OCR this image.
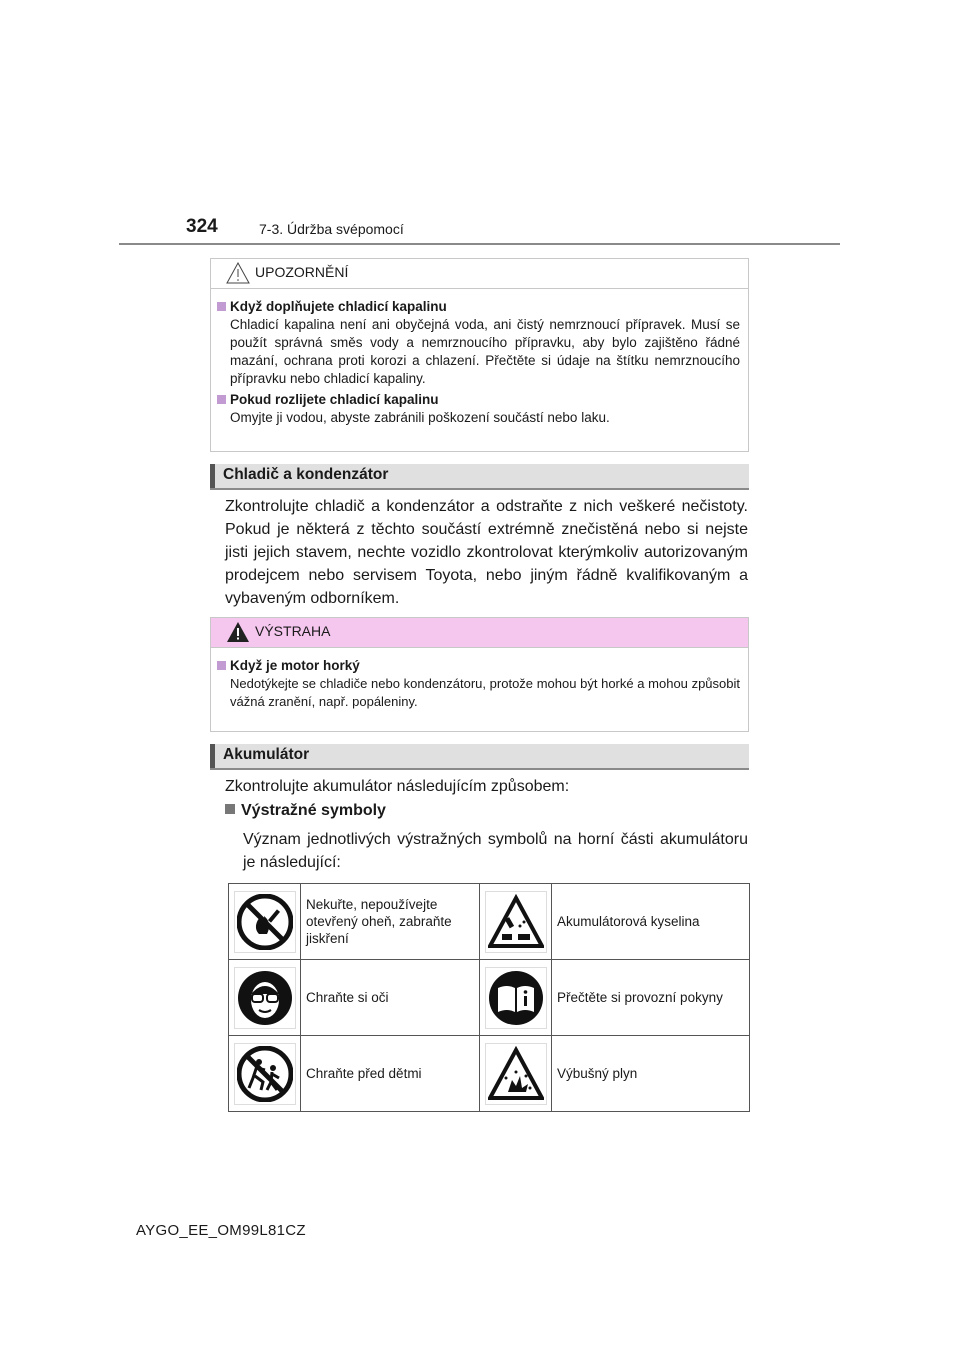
324	7-3. Údržba svépomocí
UPOZORNĚNÍ

Když doplňujete chladicí kapalinu

Chladicí kapalina není ani obyčejná voda, ani čistý nemrznoucí přípravek. Musí se použít správná směs vody a nemrznoucího přípravku, aby bylo zajištěno řádné mazání, ochrana proti korozi a chlazení. Přečtěte si údaje na štítku nemrznoucího přípravku nebo chladicí kapaliny.

Pokud rozlijete chladicí kapalinu

Omyjte ji vodou, abyste zabránili poškození součástí nebo laku.

Chladič a kondenzátor

Zkontrolujte chladič a kondenzátor a odstraňte z nich veškeré nečistoty. Pokud je některá z těchto součástí extrémně znečistěná nebo si nejste jisti jejich stavem, nechte vozidlo zkontrolovat kterýmkoliv autorizovaným prodejcem nebo servisem Toyota, nebo jiným řádně kvalifikovaným a vybaveným odborníkem.

VÝSTRAHA

Když je motor horký

Nedotýkejte se chladiče nebo kondenzátoru, protože mohou být horké a mohou způsobit vážná zranění, např. popáleniny.

Akumulátor

Zkontrolujte akumulátor následujícím způsobem:

Výstražné symboly

Význam jednotlivých výstražných symbolů na horní části akumulátoru je následující:

	Nekuřte, nepoužívejte otevřený oheň, zabraňte jiskření		Akumulátorová kyselina

	Chraňte si oči		Přečtěte si provozní pokyny

	Chraňte před dětmi		Výbušný plyn
AYGO_EE_OM99L81CZ
